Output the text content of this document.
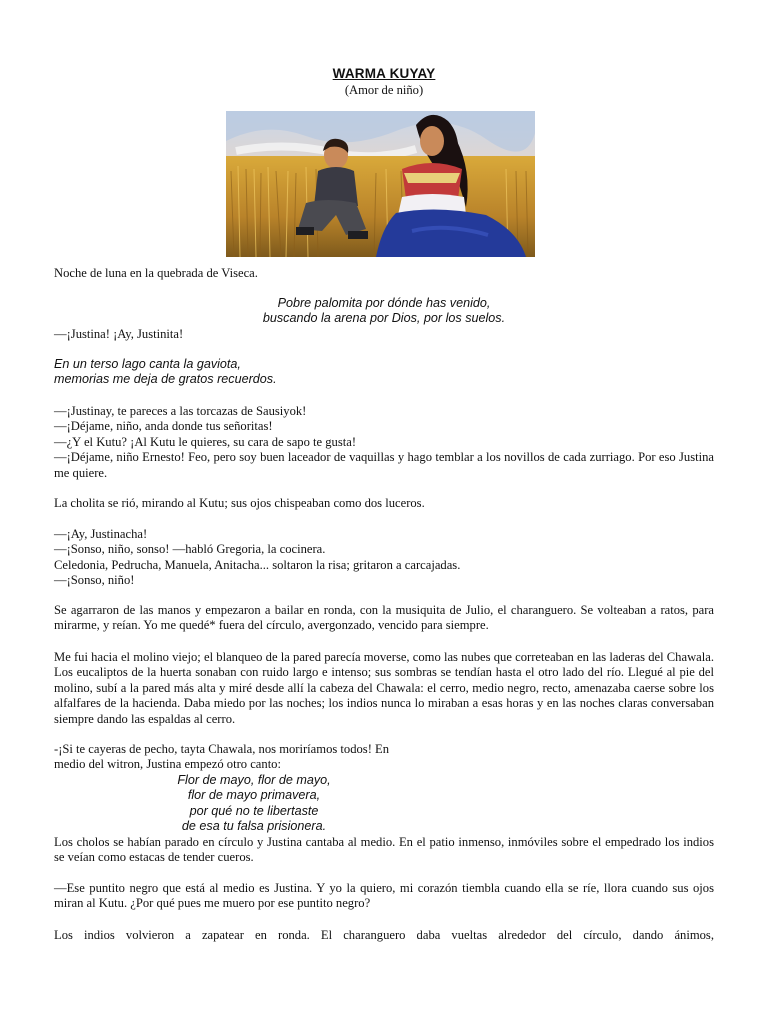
WARMA KUYAY
(Amor de niño)

Noche de luna en la quebrada de Viseca.

Pobre palomita por dónde has venido,
buscando la arena por Dios, por los suelos.

—¡Justina! ¡Ay, Justinita!

En un terso lago canta la gaviota,
memorias me deja de gratos recuerdos.
—¡Justinay, te pareces a las torcazas de Sausiyok!
—¡Déjame, niño, anda donde tus señoritas!
—¿Y el Kutu? ¡Al Kutu le quieres, su cara de sapo te gusta!
—¡Déjame, niño Ernesto! Feo, pero soy buen laceador de vaquillas y hago temblar a los novillos de cada zurriago. Por eso Justina me quiere.

La cholita se rió, mirando al Kutu; sus ojos chispeaban como dos luceros.

—¡Ay, Justinacha!
—¡Sonso, niño, sonso! —habló Gregoria, la cocinera.
Celedonia, Pedrucha, Manuela, Anitacha... soltaron la risa; gritaron a carcajadas.
—¡Sonso, niño!

Se agarraron de las manos y empezaron a bailar en ronda, con la musiquita de Julio, el charanguero. Se volteaban a ratos, para mirarme, y reían. Yo me quedé* fuera del círculo, avergonzado, vencido para siempre.

Me fui hacia el molino viejo; el blanqueo de la pared parecía moverse, como las nubes que correteaban en las laderas del Chawala. Los eucaliptos de la huerta sonaban con ruido largo e intenso; sus sombras se tendían hasta el otro lado del río. Llegué al pie del molino, subí a la pared más alta y miré desde allí la cabeza del Chawala: el cerro, medio negro, recto, amenazaba caerse sobre los alfalfares de la hacienda. Daba miedo por las noches; los indios nunca lo miraban a esas horas y en las noches claras conversaban siempre dando las espaldas al cerro.

-¡Si te cayeras de pecho, tayta Chawala, nos moriríamos todos! En
medio del witron, Justina empezó otro canto:
Flor de mayo, flor de mayo,
flor de mayo primavera,
por qué no te libertaste
de esa tu falsa prisionera.

Los cholos se habían parado en círculo y Justina cantaba al medio. En el patio inmenso, inmóviles sobre el empedrado los indios se veían como estacas de tender cueros.

—Ese puntito negro que está al medio es Justina. Y yo la quiero, mi corazón tiembla cuando ella se ríe, llora cuando sus ojos miran al Kutu. ¿Por qué pues me muero por ese puntito negro?

Los indios volvieron a zapatear en ronda. El charanguero daba vueltas alrededor del círculo, dando ánimos,
